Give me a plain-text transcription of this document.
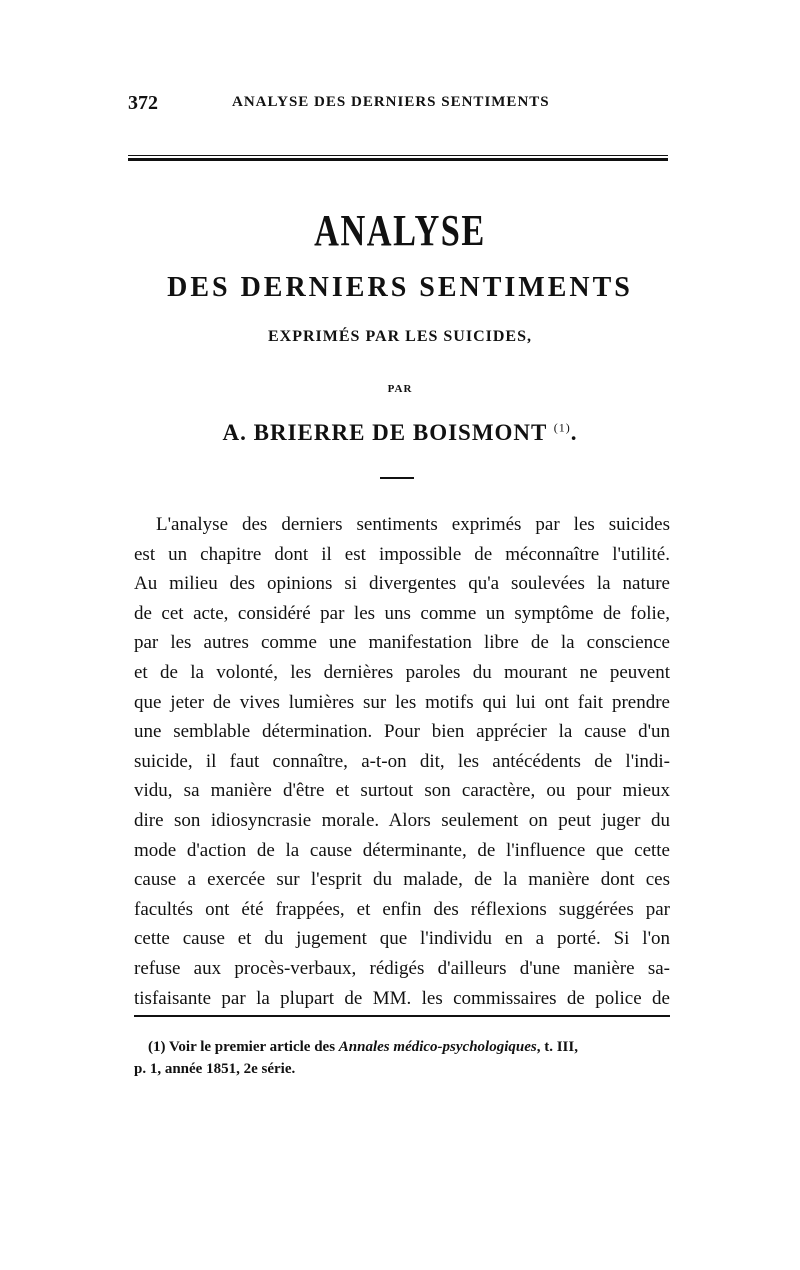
372	ANALYSE DES DERNIERS SENTIMENTS
ANALYSE
DES DERNIERS SENTIMENTS
EXPRIMÉS PAR LES SUICIDES,
PAR
A. BRIERRE DE BOISMONT $^{(1)}$.
L'analyse des derniers sentiments exprimés par les suicides
est un chapitre dont il est impossible de méconnaître l'utilité.
Au milieu des opinions si divergentes qu'a soulevées la nature
de cet acte, considéré par les uns comme un symptôme de folie,
par les autres comme une manifestation libre de la conscience
et de la volonté, les dernières paroles du mourant ne peuvent
que jeter de vives lumières sur les motifs qui lui ont fait prendre
une semblable détermination. Pour bien apprécier la cause d'un
suicide, il faut connaître, a-t-on dit, les antécédents de l'indi-
vidu, sa manière d'être et surtout son caractère, ou pour mieux
dire son idiosyncrasie morale. Alors seulement on peut juger du
mode d'action de la cause déterminante, de l'influence que cette
cause a exercée sur l'esprit du malade, de la manière dont ces
facultés ont été frappées, et enfin des réflexions suggérées par
cette cause et du jugement que l'individu en a porté. Si l'on
refuse aux procès-verbaux, rédigés d'ailleurs d'une manière sa-
tisfaisante par la plupart de MM. les commissaires de police de
(1) Voir le premier article des Annales médico-psychologiques, t. III,
p. 1, année 1851, 2e série.
